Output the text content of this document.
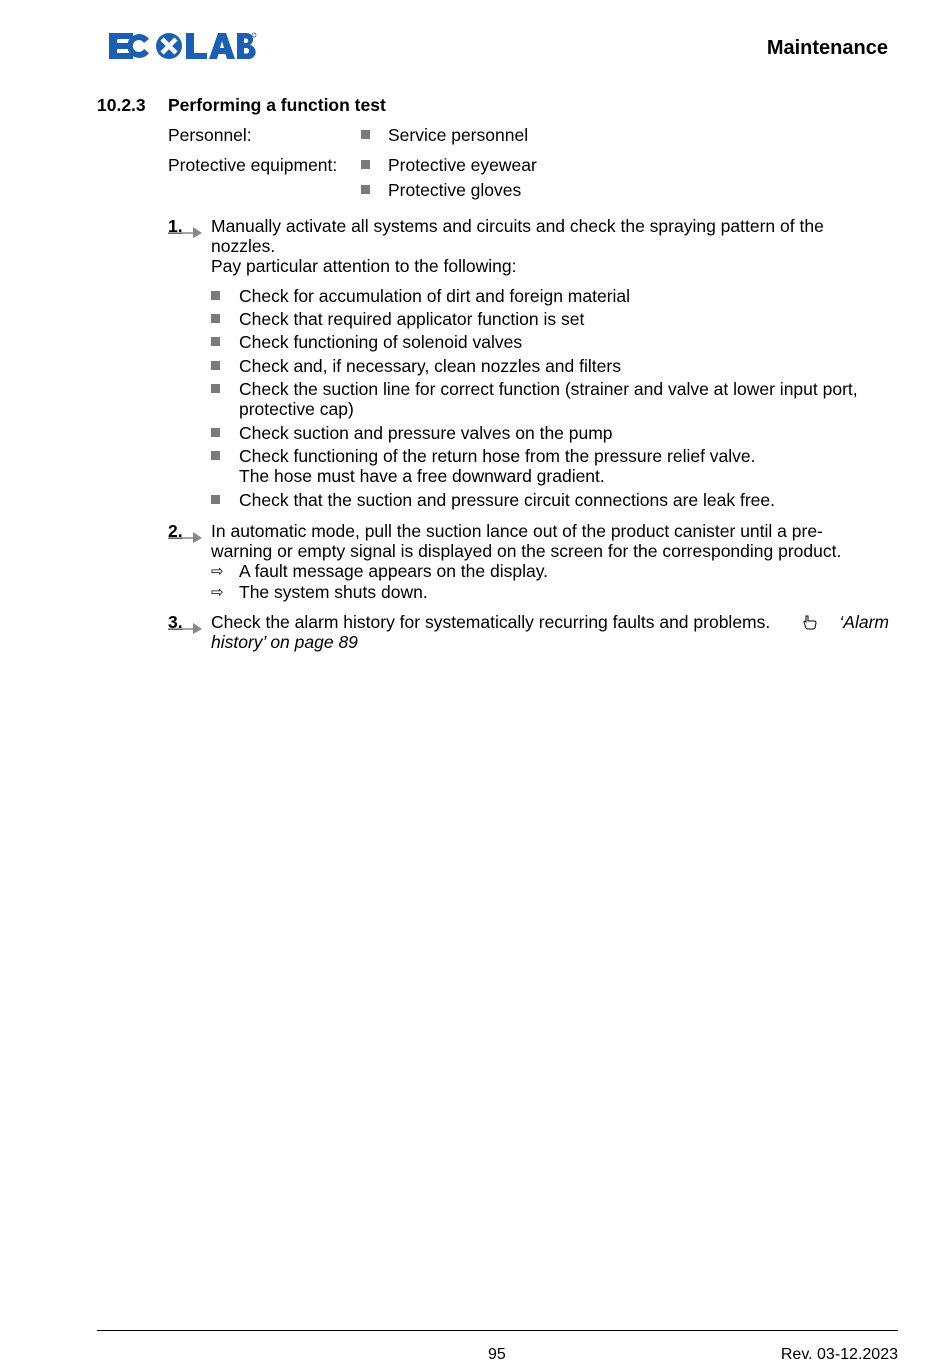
Maintenance
10.2.3 Performing a function test
Personnel:	Service personnel
Protective equipment:	Protective eyewear
Protective gloves
1. Manually activate all systems and circuits and check the spraying pattern of the
nozzles.
Pay particular attention to the following:
Check for accumulation of dirt and foreign material
Check that required applicator function is set
Check functioning of solenoid valves
Check and, if necessary, clean nozzles and filters
Check the suction line for correct function (strainer and valve at lower input port,
protective cap)
Check suction and pressure valves on the pump
Check functioning of the return hose from the pressure relief valve.
The hose must have a free downward gradient.
Check that the suction and pressure circuit connections are leak free.
2. In automatic mode, pull the suction lance out of the product canister until a pre-
warning or empty signal is displayed on the screen for the corresponding product.
⇨ A fault message appears on the display.
⇨ The system shuts down.
3. Check the alarm history for systematically recurring faults and problems.	‘Alarm
history’ on page 89
95	Rev. 03-12.2023
